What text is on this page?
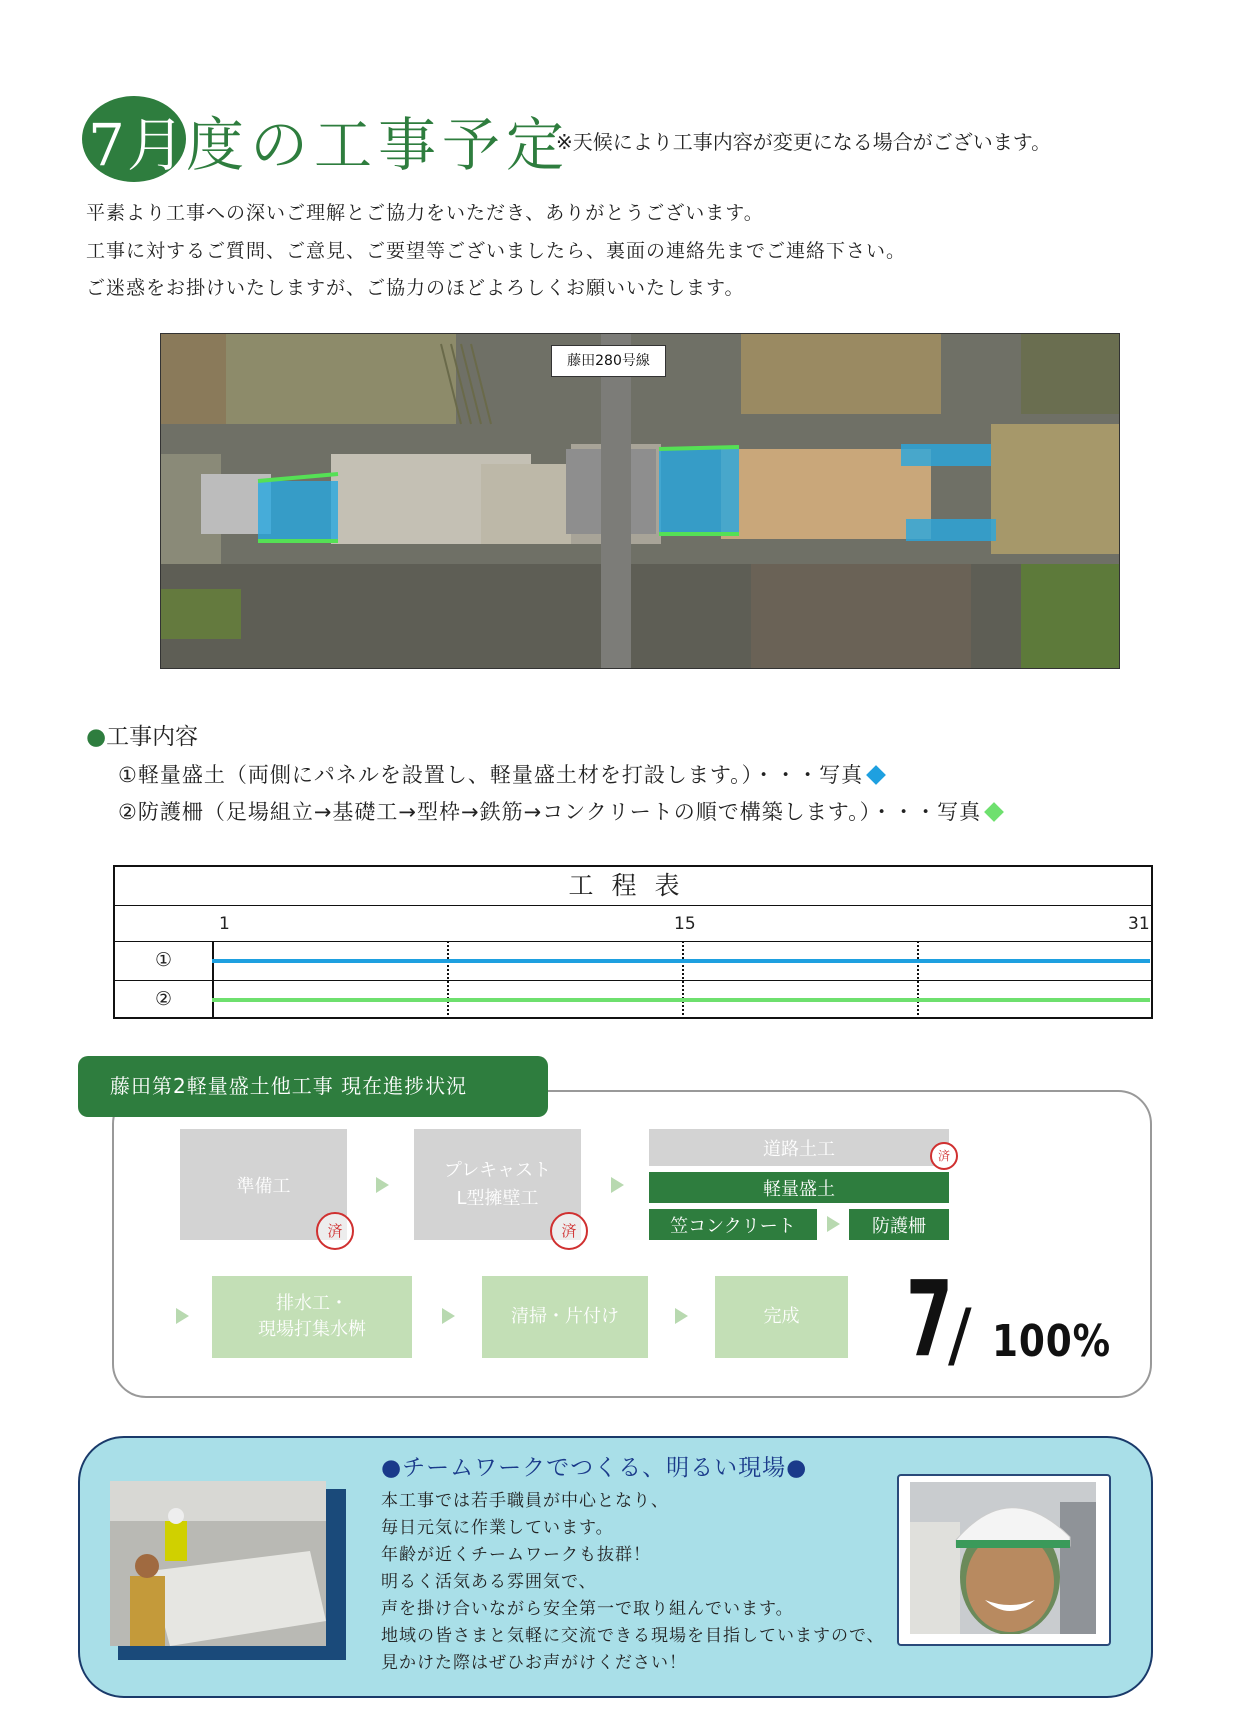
7月 度の工事予定
※天候により工事内容が変更になる場合がございます。
平素より工事への深いご理解とご協力をいただき、ありがとうございます。
工事に対するご質問、ご意見、ご要望等ございましたら、裏面の連絡先までご連絡下さい。
ご迷惑をお掛けいたしますが、ご協力のほどよろしくお願いいたします。
藤田280号線
●工事内容
①軽量盛土（両側にパネルを設置し、軽量盛土材を打設します。）・・・写真
②防護柵（足場組立→基礎工→型枠→鉄筋→コンクリートの順で構築します。）・・・写真
工程表
1	15	31
①
②
藤田第2軽量盛土他工事 現在進捗状況
準備工
済
プレキャスト
L型擁壁工
済
道路土工	済
軽量盛土
笠コンクリート	防護柵
排水工・
現場打集水桝
清掃・片付け	完成 7
/ 100%
●チームワークでつくる、明るい現場●
本工事では若手職員が中心となり、
毎日元気に作業しています。
年齢が近くチームワークも抜群！
明るく活気ある雰囲気で、
声を掛け合いながら安全第一で取り組んでいます。
地域の皆さまと気軽に交流できる現場を目指していますので、
見かけた際はぜひお声がけください！
